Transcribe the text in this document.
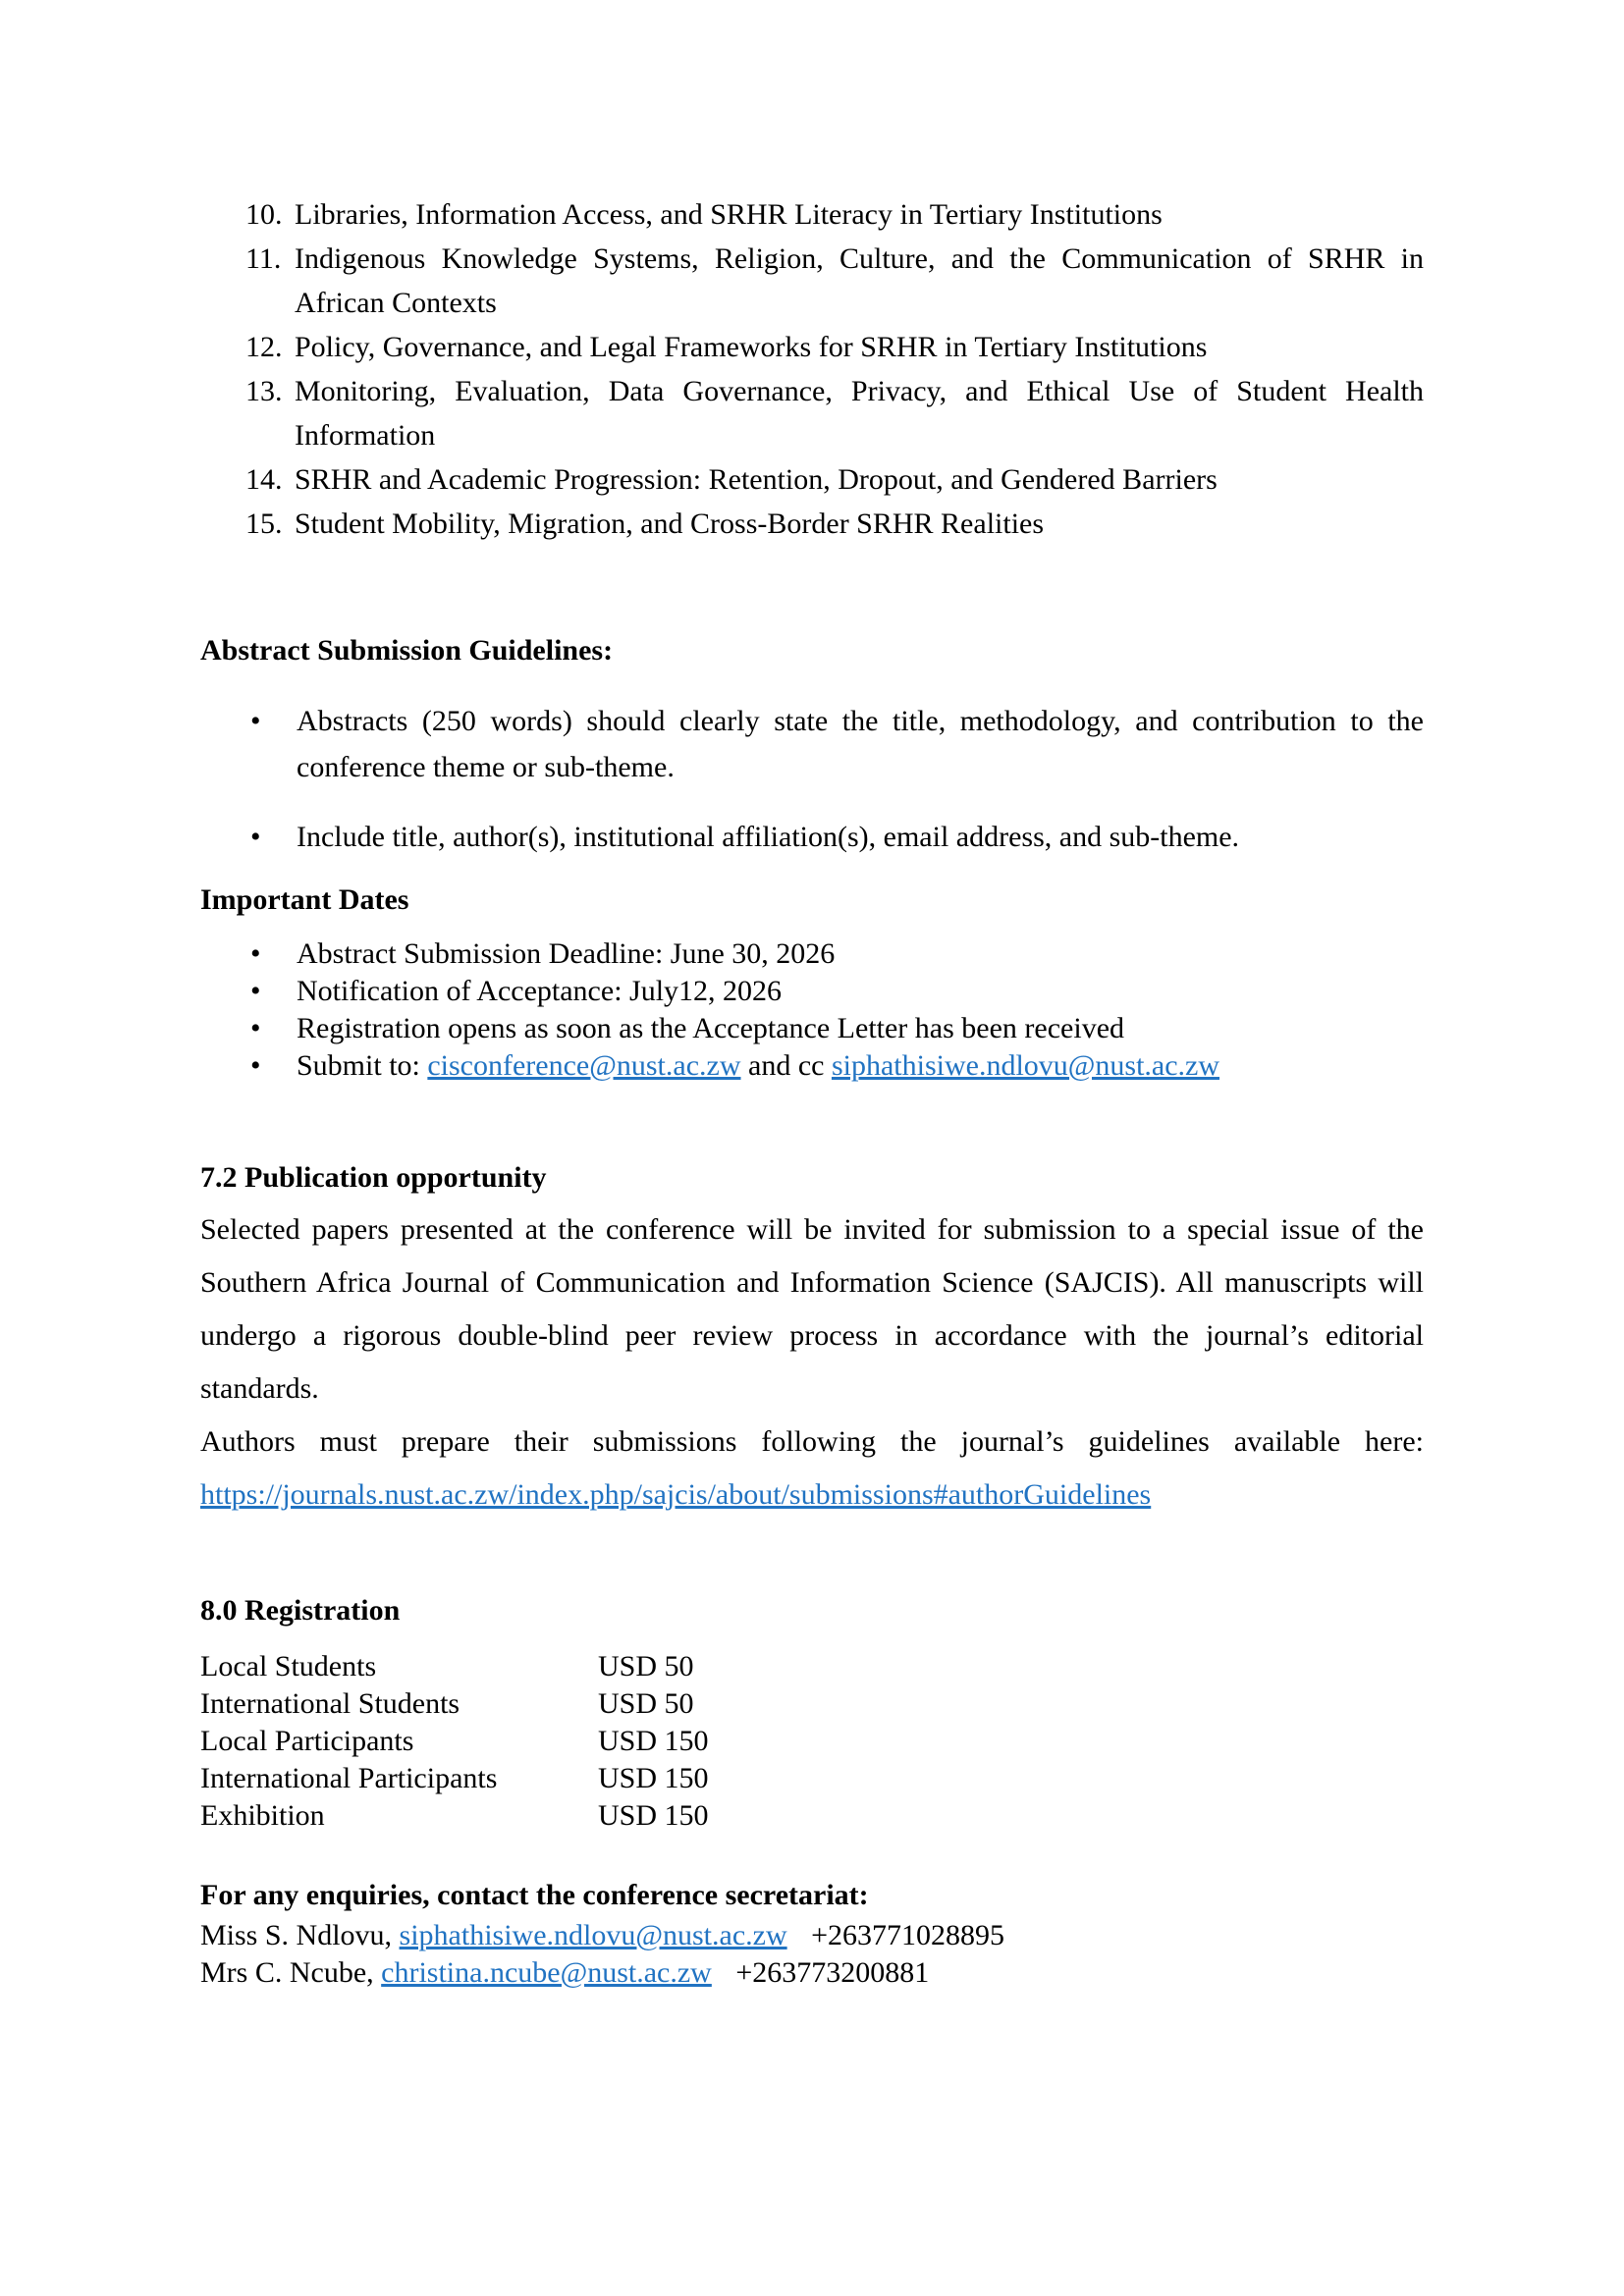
10. Libraries, Information Access, and SRHR Literacy in Tertiary Institutions
11. Indigenous Knowledge Systems, Religion, Culture, and the Communication of SRHR in African Contexts
12. Policy, Governance, and Legal Frameworks for SRHR in Tertiary Institutions
13. Monitoring, Evaluation, Data Governance, Privacy, and Ethical Use of Student Health Information
14. SRHR and Academic Progression: Retention, Dropout, and Gendered Barriers
15. Student Mobility, Migration, and Cross-Border SRHR Realities
Abstract Submission Guidelines:
• Abstracts (250 words) should clearly state the title, methodology, and contribution to the conference theme or sub-theme.
• Include title, author(s), institutional affiliation(s), email address, and sub-theme.
Important Dates
• Abstract Submission Deadline: June 30, 2026
• Notification of Acceptance: July12, 2026
• Registration opens as soon as the Acceptance Letter has been received
• Submit to: cisconference@nust.ac.zw and cc siphathisiwe.ndlovu@nust.ac.zw
7.2 Publication opportunity

Selected papers presented at the conference will be invited for submission to a special issue of the Southern Africa Journal of Communication and Information Science (SAJCIS). All manuscripts will undergo a rigorous double-blind peer review process in accordance with the journal’s editorial standards.

Authors must prepare their submissions following the journal’s guidelines available here: https://journals.nust.ac.zw/index.php/sajcis/about/submissions#authorGuidelines

8.0 Registration
Local Students	USD 50
International Students	USD 50
Local Participants	USD 150
International Participants	USD 150
Exhibition	USD 150
For any enquiries, contact the conference secretariat:
Miss S. Ndlovu, siphathisiwe.ndlovu@nust.ac.zw +263771028895
Mrs C. Ncube, christina.ncube@nust.ac.zw +263773200881
